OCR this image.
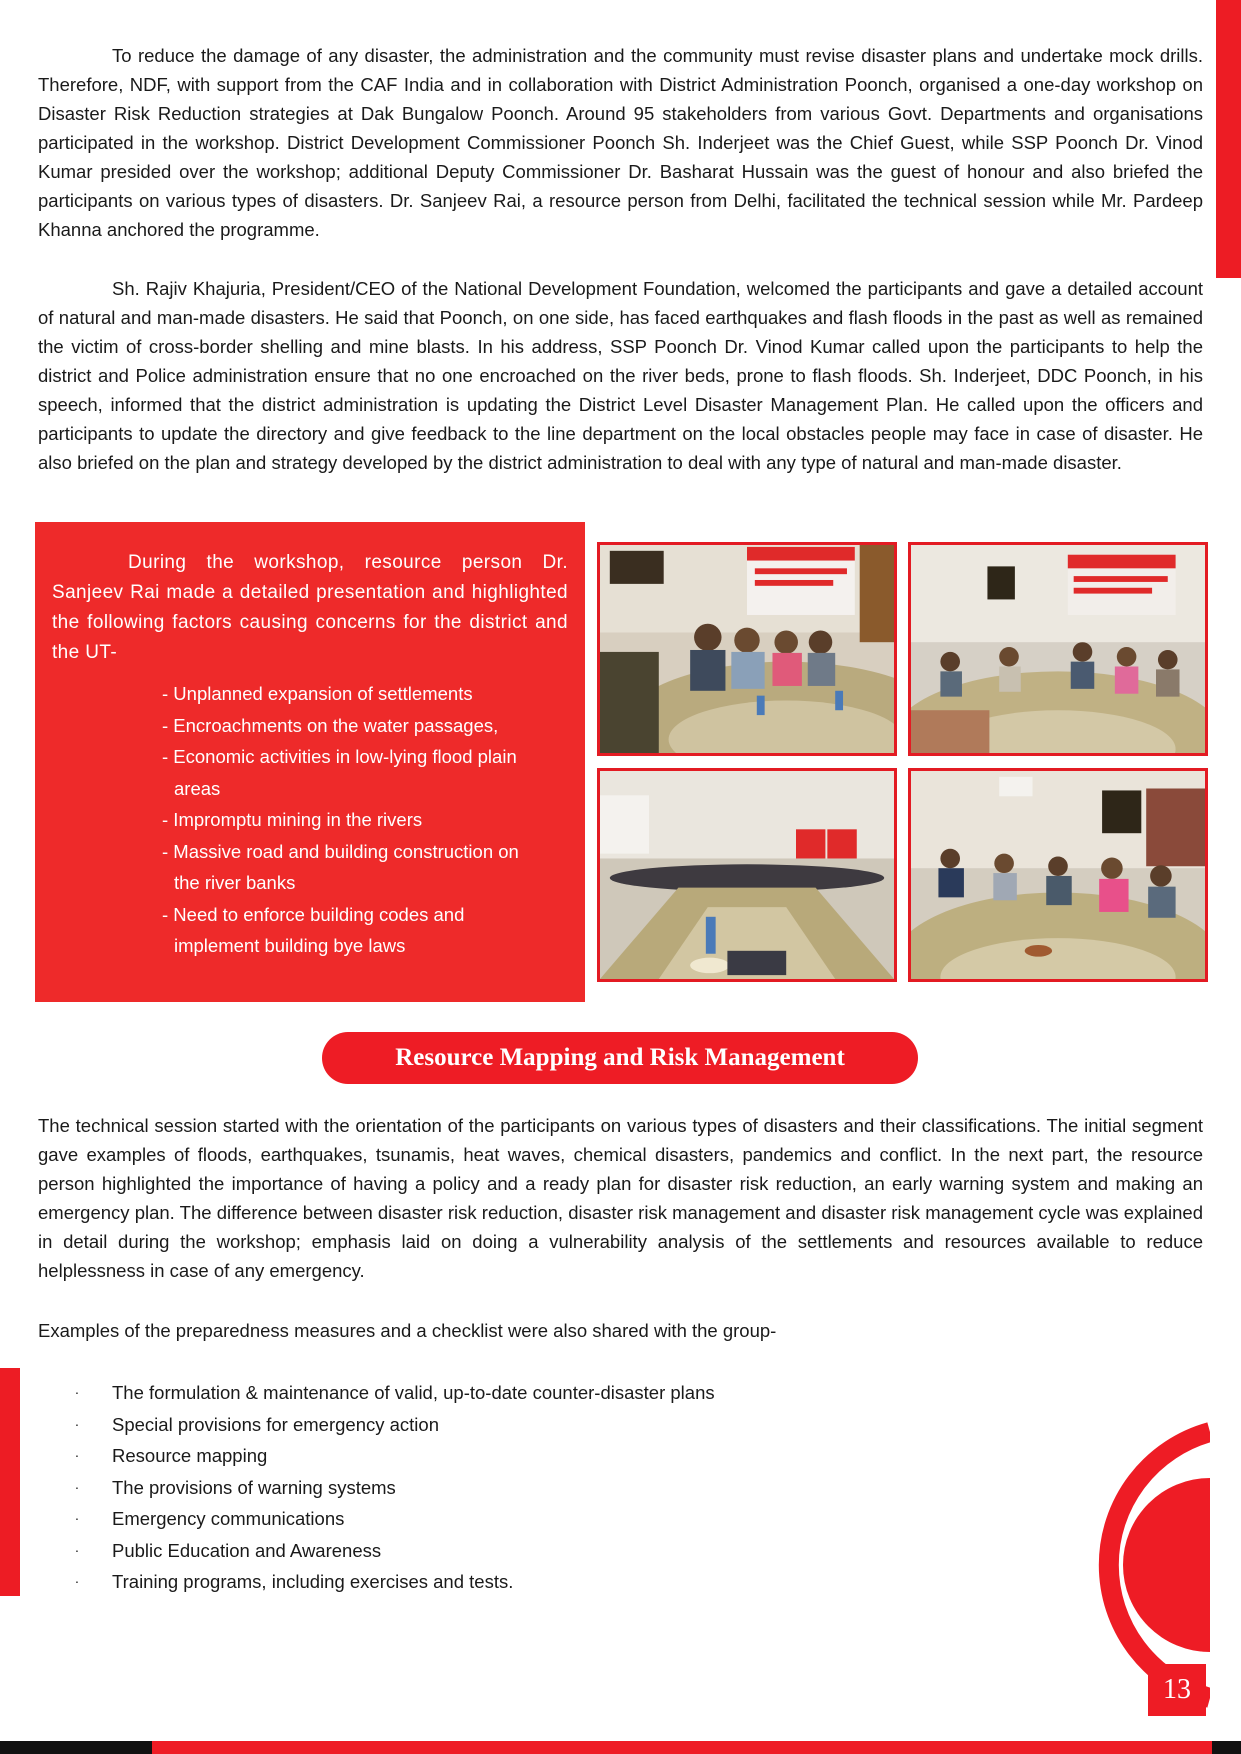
To reduce the damage of any disaster, the administration and the community must revise disaster plans and undertake mock drills. Therefore, NDF, with support from the CAF India and in collaboration with District Administration Poonch, organised a one-day workshop on Disaster Risk Reduction strategies at Dak Bungalow Poonch. Around 95 stakeholders from various Govt. Departments and organisations participated in the workshop. District Development Commissioner Poonch Sh. Inderjeet was the Chief Guest, while SSP Poonch Dr. Vinod Kumar presided over the workshop; additional Deputy Commissioner Dr. Basharat Hussain was the guest of honour and also briefed the participants on various types of disasters. Dr. Sanjeev Rai, a resource person from Delhi, facilitated the technical session while Mr. Pardeep Khanna anchored the programme.

Sh. Rajiv Khajuria, President/CEO of the National Development Foundation, welcomed the participants and gave a detailed account of natural and man-made disasters. He said that Poonch, on one side, has faced earthquakes and flash floods in the past as well as remained the victim of cross-border shelling and mine blasts. In his address, SSP Poonch Dr. Vinod Kumar called upon the participants to help the district and Police administration ensure that no one encroached on the river beds, prone to flash floods. Sh. Inderjeet, DDC Poonch, in his speech, informed that the district administration is updating the District Level Disaster Management Plan. He called upon the officers and participants to update the directory and give feedback to the line department on the local obstacles people may face in case of disaster. He also briefed on the plan and strategy developed by the district administration to deal with any type of natural and man-made disaster.

During the workshop, resource person Dr. Sanjeev Rai made a detailed presentation and highlighted the following factors causing concerns for the district and the UT-

- Unplanned expansion of settlements
- Encroachments on the water passages,
- Economic activities in low-lying flood plain areas
- Impromptu mining in the rivers
- Massive road and building construction on the river banks
- Need to enforce building codes and implement building bye laws
Resource Mapping and Risk Management

The technical session started with the orientation of the participants on various types of disasters and their classifications. The initial segment gave examples of floods, earthquakes, tsunamis, heat waves, chemical disasters, pandemics and conflict. In the next part, the resource person highlighted the importance of having a policy and a ready plan for disaster risk reduction, an early warning system and making an emergency plan. The difference between disaster risk reduction, disaster risk management and disaster risk management cycle was explained in detail during the workshop; emphasis laid on doing a vulnerability analysis of the settlements and resources available to reduce helplessness in case of any emergency.

Examples of the preparedness measures and a checklist were also shared with the group-

· The formulation & maintenance of valid, up-to-date counter-disaster plans
· Special provisions for emergency action
· Resource mapping
· The provisions of warning systems
· Emergency communications
· Public Education and Awareness
· Training programs, including exercises and tests.
13
